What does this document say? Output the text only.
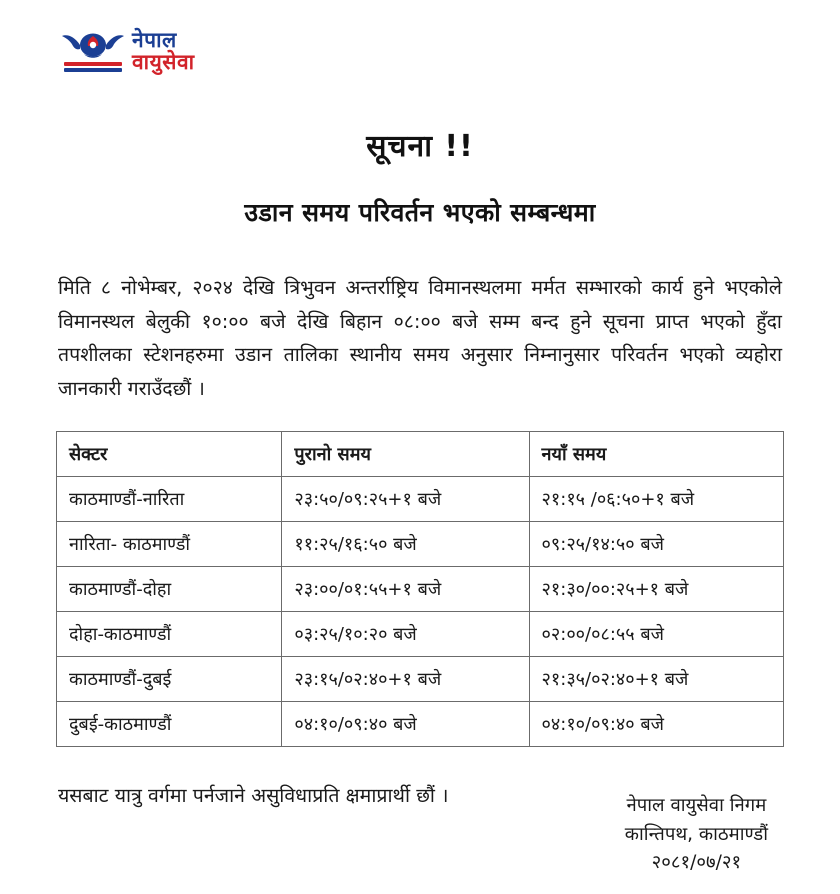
नेपाल
वायुसेवा
सूचना !!
उडान समय परिवर्तन भएको सम्बन्धमा
मिति ८ नोभेम्बर, २०२४ देखि त्रिभुवन अन्तर्राष्ट्रिय विमानस्थलमा मर्मत सम्भारको कार्य हुने भएकोले विमानस्थल बेलुकी १०:०० बजे देखि बिहान ०८:०० बजे सम्म बन्द हुने सूचना प्राप्त भएको हुँदा तपशीलका स्टेशनहरुमा उडान तालिका स्थानीय समय अनुसार निम्नानुसार परिवर्तन भएको व्यहोरा जानकारी गराउँदछौं ।
सेक्टर	पुरानो समय	नयाँ समय
काठमाण्डौं-नारिता	२३:५०/०९:२५+१ बजे	२१:१५ /०६:५०+१ बजे
नारिता- काठमाण्डौं	११:२५/१६:५० बजे	०९:२५/१४:५० बजे
काठमाण्डौं-दोहा	२३:००/०१:५५+१ बजे	२१:३०/००:२५+१ बजे
दोहा-काठमाण्डौं	०३:२५/१०:२० बजे	०२:००/०८:५५ बजे
काठमाण्डौं-दुबई	२३:१५/०२:४०+१ बजे	२१:३५/०२:४०+१ बजे
दुबई-काठमाण्डौं	०४:१०/०९:४० बजे	०४:१०/०९:४० बजे
यसबाट यात्रु वर्गमा पर्नजाने असुविधाप्रति क्षमाप्रार्थी छौं ।	नेपाल वायुसेवा निगम
कान्तिपथ, काठमाण्डौं
२०८१/०७/२१
